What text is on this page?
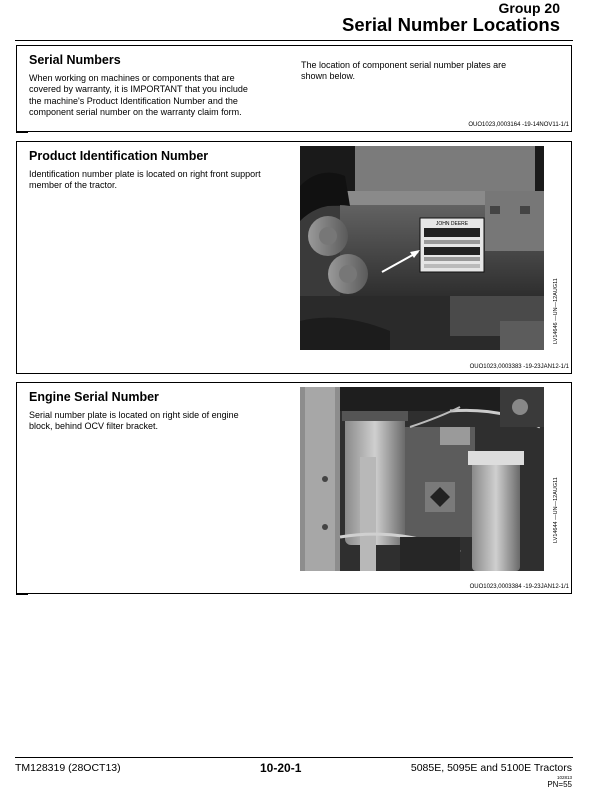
Group 20
Serial Number Locations
Serial Numbers
When working on machines or components that are
covered by warranty, it is IMPORTANT that you include
the machine's Product Identification Number and the
component serial number on the warranty claim form.
The location of component serial number plates are
shown below.
OUO1023,0003164 -19-14NOV11-1/1
Product Identification Number
Identification number plate is located on right front support
member of the tractor.
JOHN DEERE
LV14646 —UN—12AUG11
OUO1023,0003383 -19-23JAN12-1/1
Engine Serial Number
Serial number plate is located on right side of engine
block, behind OCV filter bracket.
LV14644 —UN—12AUG11
OUO1023,0003384 -19-23JAN12-1/1
TM128319 (28OCT13)	10-20-1	5085E, 5095E and 5100E Tractors
102813
PN=55
